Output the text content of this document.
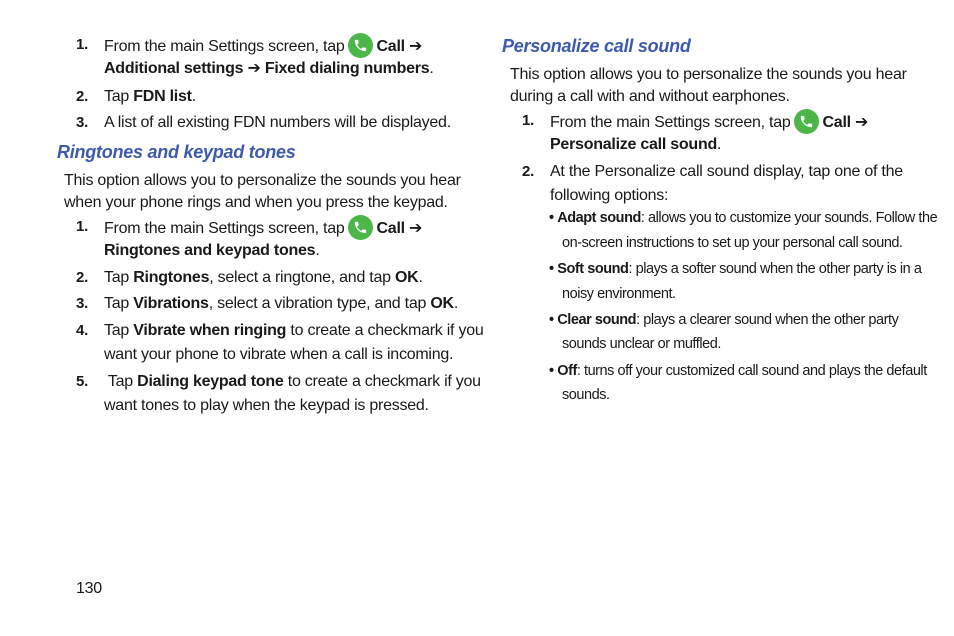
1. From the main Settings screen, tap Call ➔
Additional settings ➔ Fixed dialing numbers.
2. Tap FDN list.
3. A list of all existing FDN numbers will be displayed.
Ringtones and keypad tones
This option allows you to personalize the sounds you hear
when your phone rings and when you press the keypad.
1. From the main Settings screen, tap Call ➔
Ringtones and keypad tones.
2. Tap Ringtones, select a ringtone, and tap OK.
3. Tap Vibrations, select a vibration type, and tap OK.
4. Tap Vibrate when ringing to create a checkmark if you
want your phone to vibrate when a call is incoming.
5. Tap Dialing keypad tone to create a checkmark if you
want tones to play when the keypad is pressed.
130
Personalize call sound
This option allows you to personalize the sounds you hear
during a call with and without earphones.
1. From the main Settings screen, tap Call ➔
Personalize call sound.
2. At the Personalize call sound display, tap one of the
following options:
• Adapt sound: allows you to customize your sounds. Follow the
on-screen instructions to set up your personal call sound.
• Soft sound: plays a softer sound when the other party is in a
noisy environment.
• Clear sound: plays a clearer sound when the other party
sounds unclear or muffled.
• Off: turns off your customized call sound and plays the default
sounds.
